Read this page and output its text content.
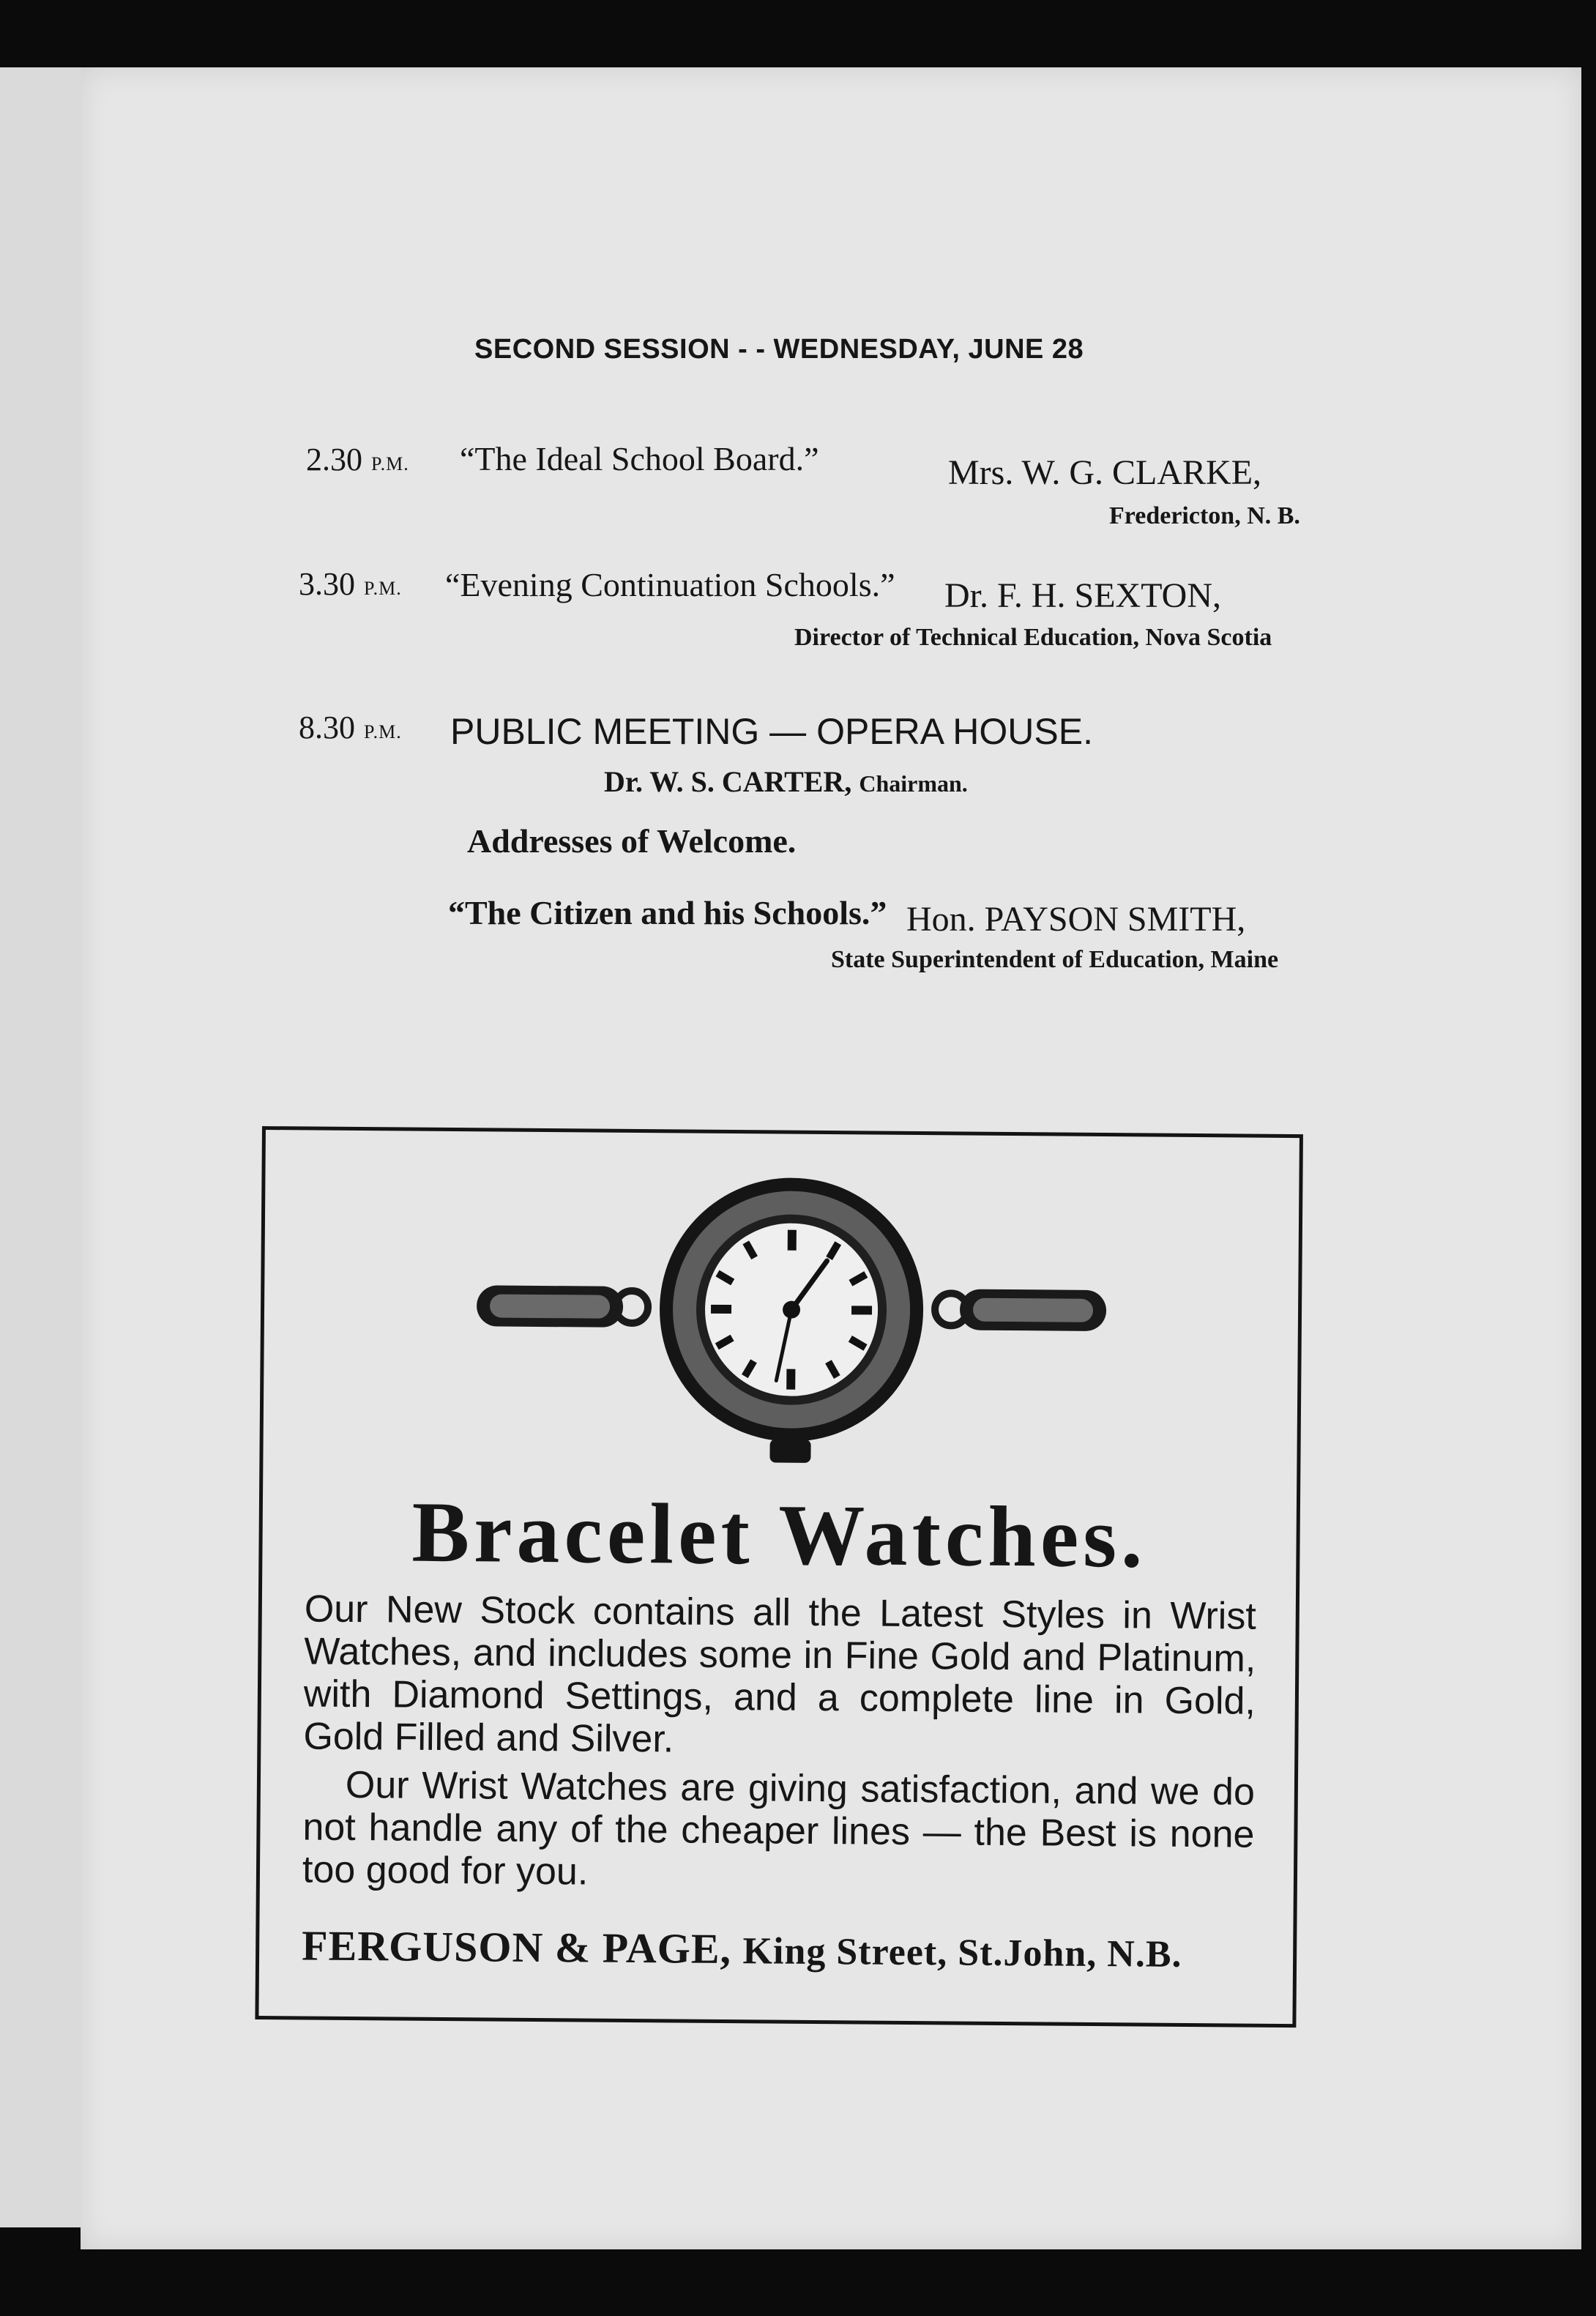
SECOND SESSION - - WEDNESDAY, JUNE 28
2.30 P.M. “The Ideal School Board.”	Mrs. W. G. CLARKE,
Fredericton, N. B.
3.30 P.M. “Evening Continuation Schools.” Dr. F. H. SEXTON,
Director of Technical Education, Nova Scotia
8.30 P.M. PUBLIC MEETING — OPERA HOUSE.
Dr. W. S. CARTER, Chairman.
Addresses of Welcome.
“The Citizen and his Schools.” Hon. PAYSON SMITH,
State Superintendent of Education, Maine
Bracelet Watches.

Our New Stock contains all the Latest Styles in Wrist Watches, and includes some in Fine Gold and Platinum, with Diamond Settings, and a complete line in Gold, Gold Filled and Silver.

Our Wrist Watches are giving satisfaction, and we do not handle any of the cheaper lines — the Best is none too good for you.

FERGUSON & PAGE, King Street, St.John, N.B.
